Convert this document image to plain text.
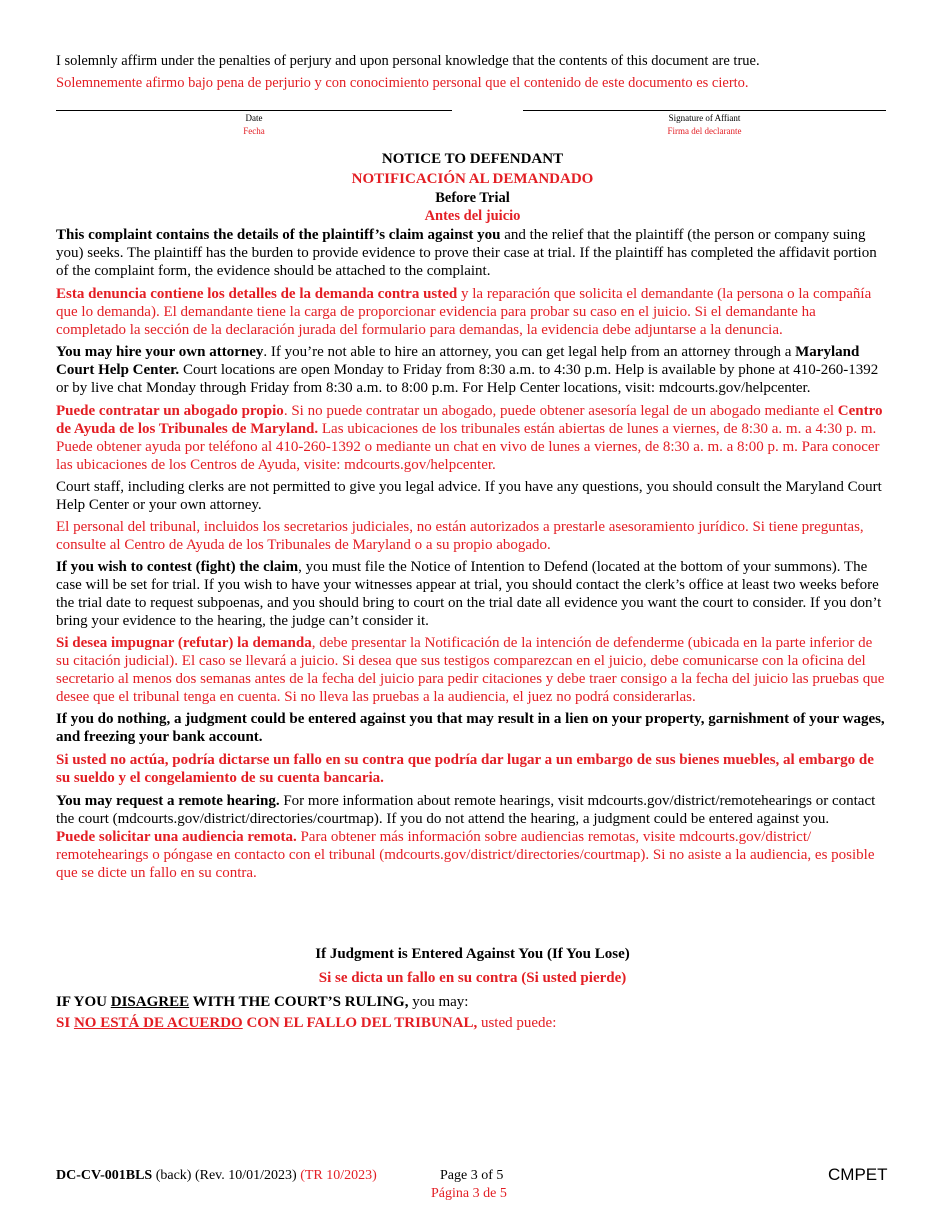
I solemnly affirm under the penalties of perjury and upon personal knowledge that the contents of this document are true.
Solemnemente afirmo bajo pena de perjurio y con conocimiento personal que el contenido de este documento es cierto.
Date
Fecha
Signature of Affiant
Firma del declarante
NOTICE TO DEFENDANT
NOTIFICACIÓN AL DEMANDADO
Before Trial
Antes del juicio

This complaint contains the details of the plaintiff’s claim against you and the relief that the plaintiff (the person or company suing you) seeks. The plaintiff has the burden to provide evidence to prove their case at trial. If the plaintiff has completed the affidavit portion of the complaint form, the evidence should be attached to the complaint.

Esta denuncia contiene los detalles de la demanda contra usted y la reparación que solicita el demandante (la persona o la compañía que lo demanda). El demandante tiene la carga de proporcionar evidencia para probar su caso en el juicio. Si el demandante ha completado la sección de la declaración jurada del formulario para demandas, la evidencia debe adjuntarse a la denuncia.

You may hire your own attorney. If you’re not able to hire an attorney, you can get legal help from an attorney through a Maryland Court Help Center. Court locations are open Monday to Friday from 8:30 a.m. to 4:30 p.m. Help is available by phone at 410-260-1392 or by live chat Monday through Friday from 8:30 a.m. to 8:00 p.m. For Help Center locations, visit: mdcourts.gov/helpcenter.

Puede contratar un abogado propio. Si no puede contratar un abogado, puede obtener asesoría legal de un abogado mediante el Centro de Ayuda de los Tribunales de Maryland. Las ubicaciones de los tribunales están abiertas de lunes a viernes, de 8:30 a. m. a 4:30 p. m. Puede obtener ayuda por teléfono al 410-260-1392 o mediante un chat en vivo de lunes a viernes, de 8:30 a. m. a 8:00 p. m. Para conocer las ubicaciones de los Centros de Ayuda, visite: mdcourts.gov/helpcenter.

Court staff, including clerks are not permitted to give you legal advice. If you have any questions, you should consult the Maryland Court Help Center or your own attorney.

El personal del tribunal, incluidos los secretarios judiciales, no están autorizados a prestarle asesoramiento jurídico. Si tiene preguntas, consulte al Centro de Ayuda de los Tribunales de Maryland o a su propio abogado.

If you wish to contest (fight) the claim, you must file the Notice of Intention to Defend (located at the bottom of your summons). The case will be set for trial. If you wish to have your witnesses appear at trial, you should contact the clerk’s office at least two weeks before the trial date to request subpoenas, and you should bring to court on the trial date all evidence you want the court to consider. If you don’t bring your evidence to the hearing, the judge can’t consider it.

Si desea impugnar (refutar) la demanda, debe presentar la Notificación de la intención de defenderme (ubicada en la parte inferior de su citación judicial). El caso se llevará a juicio. Si desea que sus testigos comparezcan en el juicio, debe comunicarse con la oficina del secretario al menos dos semanas antes de la fecha del juicio para pedir citaciones y debe traer consigo a la fecha del juicio las pruebas que desee que el tribunal tenga en cuenta. Si no lleva las pruebas a la audiencia, el juez no podrá considerarlas.

If you do nothing, a judgment could be entered against you that may result in a lien on your property, garnishment of your wages, and freezing your bank account.

Si usted no actúa, podría dictarse un fallo en su contra que podría dar lugar a un embargo de sus bienes muebles, al embargo de su sueldo y el congelamiento de su cuenta bancaria.

You may request a remote hearing. For more information about remote hearings, visit mdcourts.gov/district/remotehearings or contact the court (mdcourts.gov/district/directories/courtmap). If you do not attend the hearing, a judgment could be entered against you.

Puede solicitar una audiencia remota. Para obtener más información sobre audiencias remotas, visite mdcourts.gov/district/ remotehearings o póngase en contacto con el tribunal (mdcourts.gov/district/directories/courtmap). Si no asiste a la audiencia, es posible que se dicte un fallo en su contra.

If Judgment is Entered Against You (If You Lose)
Si se dicta un fallo en su contra (Si usted pierde)
IF YOU DISAGREE WITH THE COURT’S RULING, you may:
SI NO ESTÁ DE ACUERDO CON EL FALLO DEL TRIBUNAL, usted puede:
DC-CV-001BLS (back) (Rev. 10/01/2023) (TR 10/2023)	Page 3 of 5
Página 3 de 5
CMPET
